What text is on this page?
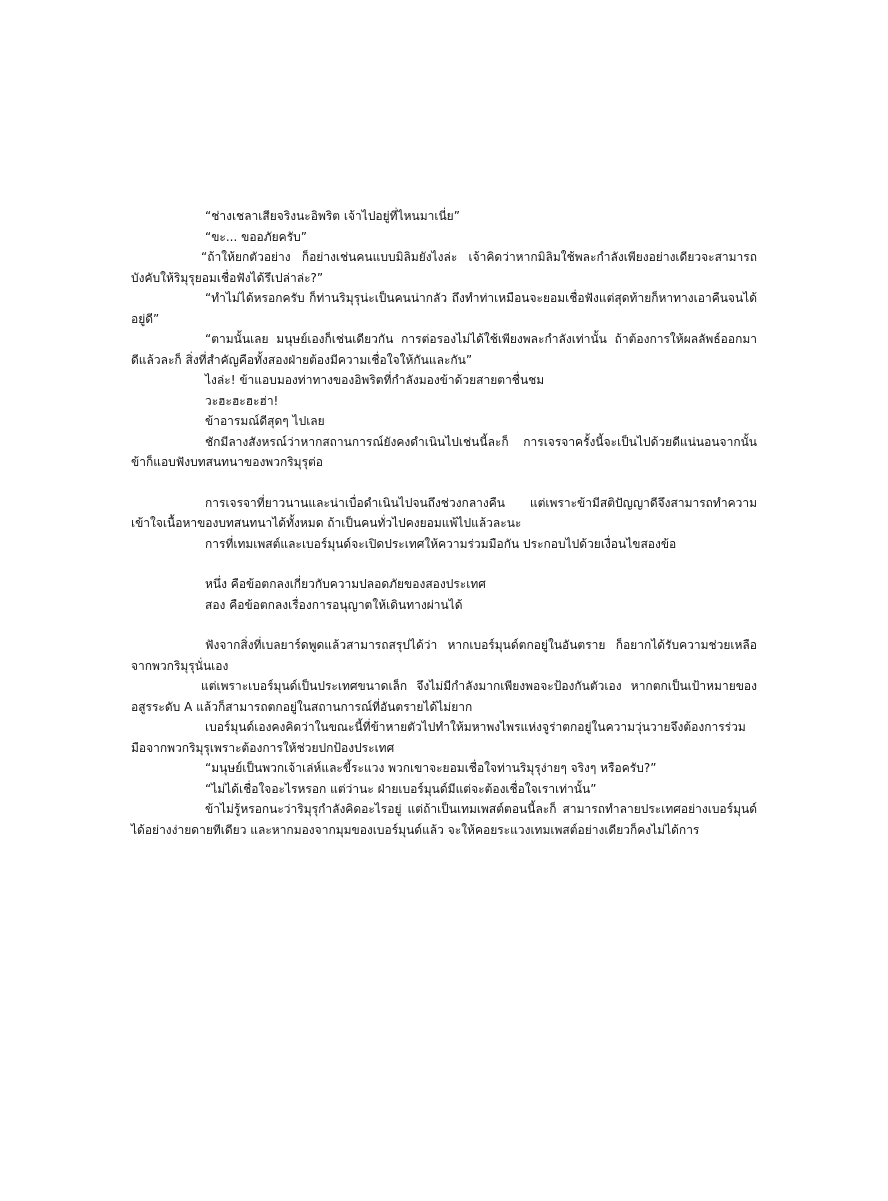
“ช่างเชลาเสียจริงนะอิพริต เจ้าไปอยู่ที่ไหนมาเนี่ย”

“ขะ... ขออภัยครับ”

“ถ้าให้ยกตัวอย่าง ก็อย่างเช่นคนแบบมิลิมยังไงล่ะ เจ้าคิดว่าหากมิลิมใช้พละกำลังเพียงอย่างเดียวจะสามารถบังคับให้ริมุรุยอมเชื่อฟังได้รึเปล่าล่ะ?”

“ทำไม่ได้หรอกครับ ก็ท่านริมุรุน่ะเป็นคนน่ากลัว ถึงทำท่าเหมือนจะยอมเชื่อฟังแต่สุดท้ายก็หาทางเอาคืนจนได้อยู่ดี”

“ตามนั้นเลย มนุษย์เองก็เช่นเดียวกัน การต่อรองไม่ได้ใช้เพียงพละกำลังเท่านั้น ถ้าต้องการให้ผลลัพธ์ออกมาดีแล้วละก็ สิ่งที่สำคัญคือทั้งสองฝ่ายต้องมีความเชื่อใจให้กันและกัน”

ไงล่ะ! ข้าแอบมองท่าทางของอิพริตที่กำลังมองข้าด้วยสายตาชื่นชม

วะฮะฮะฮะฮ่า!

ข้าอารมณ์ดีสุดๆ ไปเลย

ชักมีลางสังหรณ์ว่าหากสถานการณ์ยังคงดำเนินไปเช่นนี้ละก็ การเจรจาครั้งนี้จะเป็นไปด้วยดีแน่นอนจากนั้นข้าก็แอบฟังบทสนทนาของพวกริมุรุต่อ

การเจรจาที่ยาวนานและน่าเบื่อดำเนินไปจนถึงช่วงกลางคืน แต่เพราะข้ามีสติปัญญาดีจึงสามารถทำความเข้าใจเนื้อหาของบทสนทนาได้ทั้งหมด ถ้าเป็นคนทั่วไปคงยอมแพ้ไปแล้วละนะ

การที่เทมเพสต์และเบอร์มุนด์จะเปิดประเทศให้ความร่วมมือกัน ประกอบไปด้วยเงื่อนไขสองข้อ

หนึ่ง คือข้อตกลงเกี่ยวกับความปลอดภัยของสองประเทศ

สอง คือข้อตกลงเรื่องการอนุญาตให้เดินทางผ่านได้

ฟังจากสิ่งที่เบลยาร์ดพูดแล้วสามารถสรุปได้ว่า หากเบอร์มุนด์ตกอยู่ในอันตราย ก็อยากได้รับความช่วยเหลือจากพวกริมุรุนั่นเอง

แต่เพราะเบอร์มุนด์เป็นประเทศขนาดเล็ก จึงไม่มีกำลังมากเพียงพอจะป้องกันตัวเอง หากตกเป็นเป้าหมายของอสูรระดับ A แล้วก็สามารถตกอยู่ในสถานการณ์ที่อันตรายได้ไม่ยาก

เบอร์มุนด์เองคงคิดว่าในขณะนี้ที่ข้าหายตัวไปทำให้มหาพงไพรแห่งจูร่าตกอยู่ในความวุ่นวายจึงต้องการร่วมมือจากพวกริมุรุเพราะต้องการให้ช่วยปกป้องประเทศ

“มนุษย์เป็นพวกเจ้าเล่ห์และขี้ระแวง พวกเขาจะยอมเชื่อใจท่านริมุรุง่ายๆ จริงๆ หรือครับ?”

“ไม่ได้เชื่อใจอะไรหรอก แต่ว่านะ ฝ่ายเบอร์มุนด์มีแต่จะต้องเชื่อใจเราเท่านั้น”

ข้าไม่รู้หรอกนะว่าริมุรุกำลังคิดอะไรอยู่ แต่ถ้าเป็นเทมเพสต์ตอนนี้ละก็ สามารถทำลายประเทศอย่างเบอร์มุนด์ได้อย่างง่ายดายทีเดียว และหากมองจากมุมของเบอร์มุนด์แล้ว จะให้คอยระแวงเทมเพสต์อย่างเดียวก็คงไม่ได้การ
